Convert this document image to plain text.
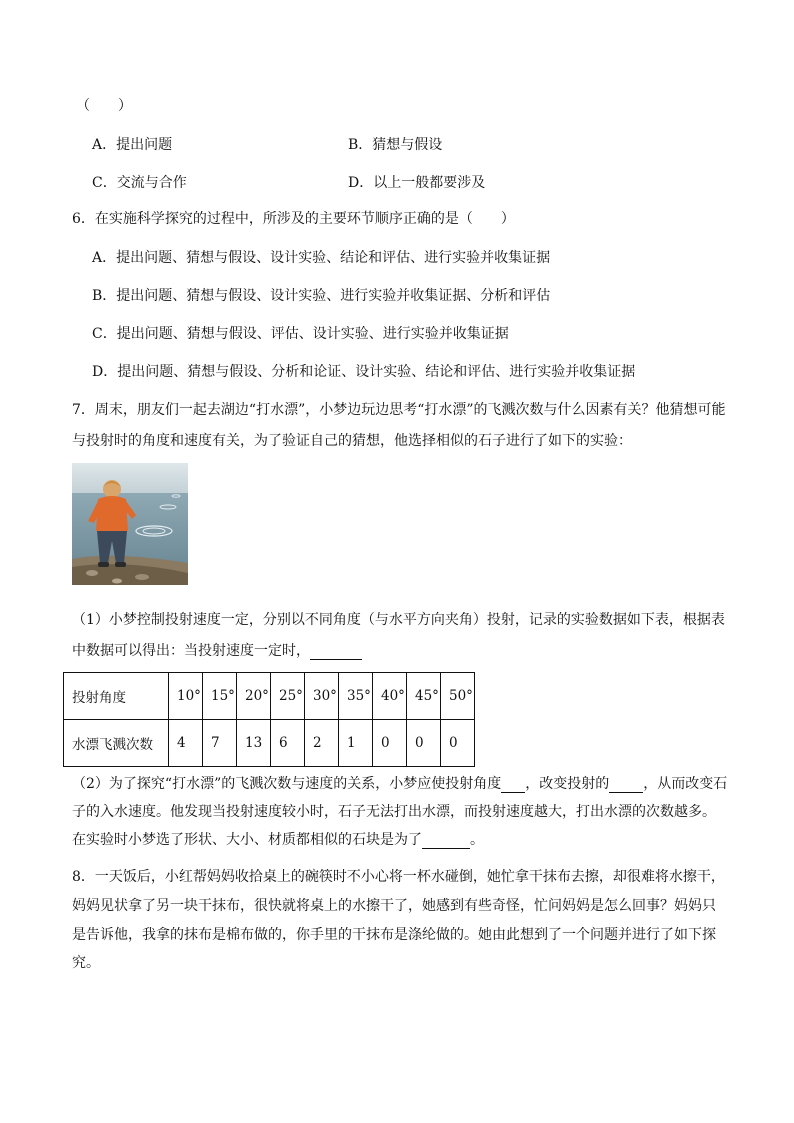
（　　）
A．提出问题	B．猜想与假设
C．交流与合作	D．以上一般都要涉及
6．在实施科学探究的过程中，所涉及的主要环节顺序正确的是（　　）
A．提出问题、猜想与假设、设计实验、结论和评估、进行实验并收集证据
B．提出问题、猜想与假设、设计实验、进行实验并收集证据、分析和评估
C．提出问题、猜想与假设、评估、设计实验、进行实验并收集证据
D．提出问题、猜想与假设、分析和论证、设计实验、结论和评估、进行实验并收集证据
7．周末，朋友们一起去湖边“打水漂”，小梦边玩边思考“打水漂”的飞溅次数与什么因素有关？他猜想可能
与投射时的角度和速度有关，为了验证自己的猜想，他选择相似的石子进行了如下的实验：
（1）小梦控制投射速度一定，分别以不同角度（与水平方向夹角）投射，记录的实验数据如下表，根据表
中数据可以得出：当投射速度一定时，
投射角度	10°	15°	20°	25°	30°	35°	40°	45°	50°
水漂飞溅次数	4	7	13	6	2	1	0	0	0
（2）为了探究“打水漂”的飞溅次数与速度的关系，小梦应使投射角度 ，改变投射的 ，从而改变石
子的入水速度。他发现当投射速度较小时，石子无法打出水漂，而投射速度越大，打出水漂的次数越多。
在实验时小梦选了形状、大小、材质都相似的石块是为了	。
8．一天饭后，小红帮妈妈收拾桌上的碗筷时不小心将一杯水碰倒，她忙拿干抹布去擦，却很难将水擦干，
妈妈见状拿了另一块干抹布，很快就将桌上的水擦干了，她感到有些奇怪，忙问妈妈是怎么回事？妈妈只
是告诉他，我拿的抹布是棉布做的，你手里的干抹布是涤纶做的。她由此想到了一个问题并进行了如下探
究。
